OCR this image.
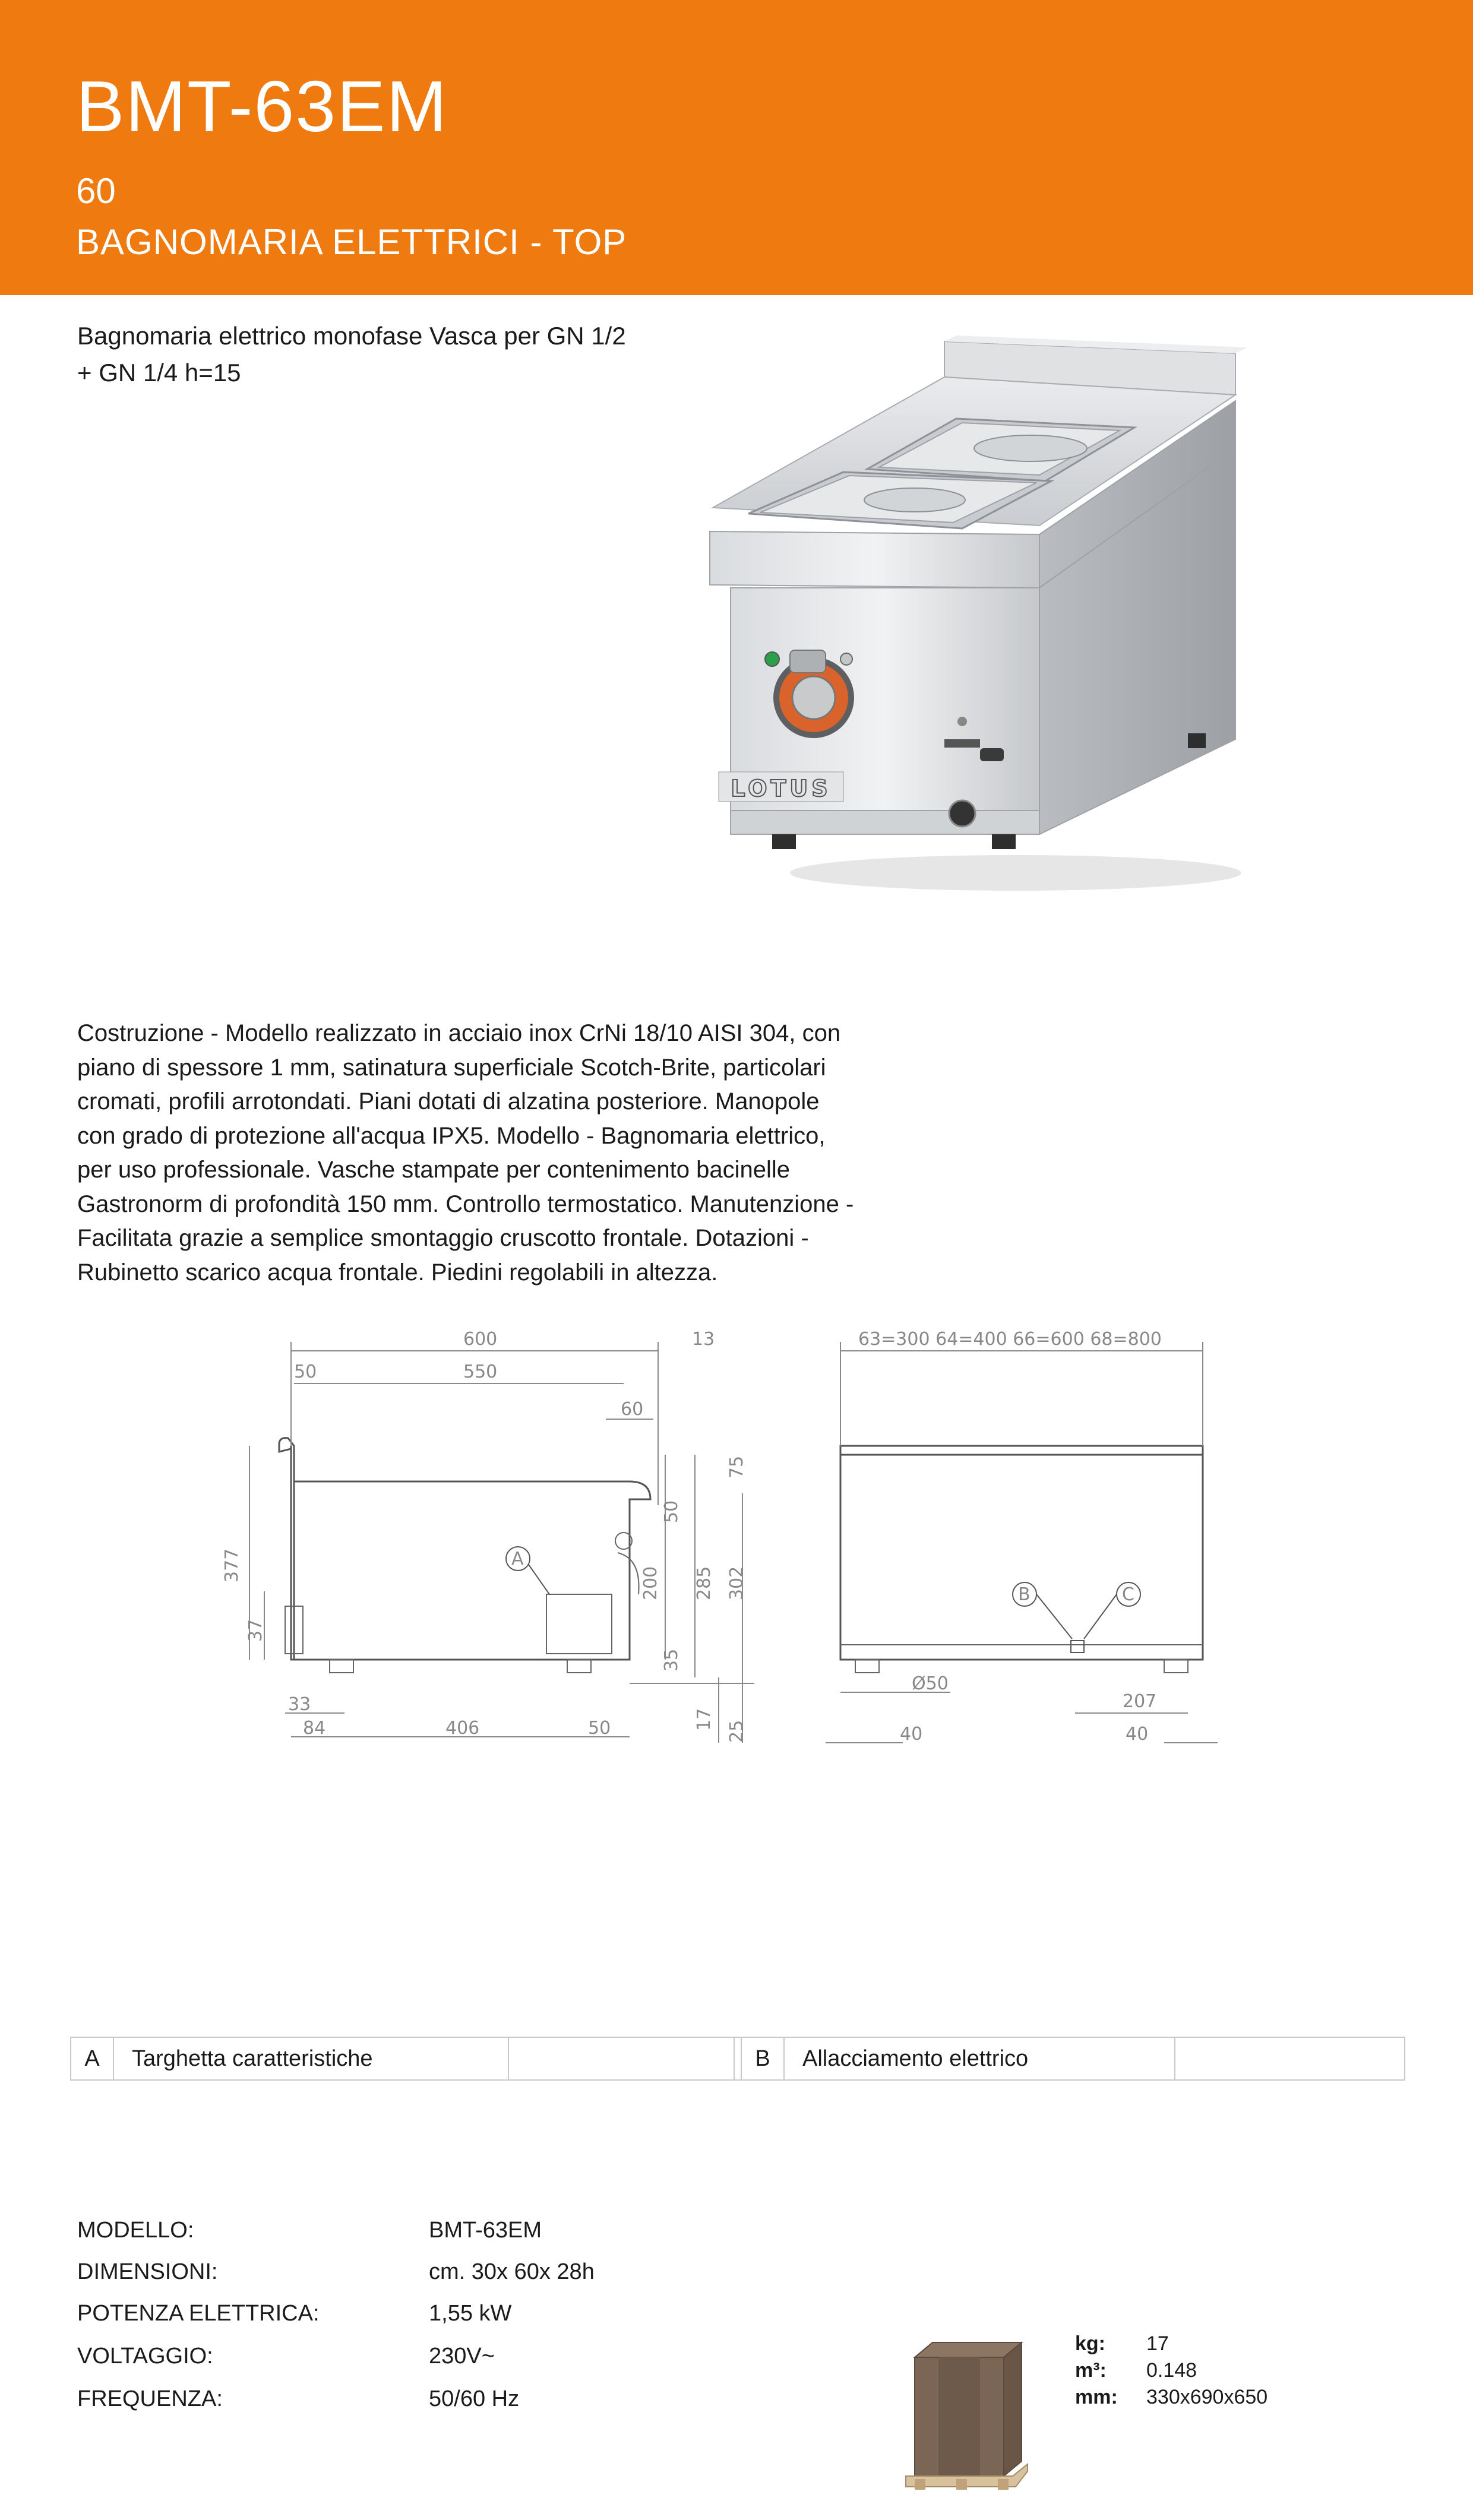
BMT-63EM
60
BAGNOMARIA ELETTRICI - TOP
Bagnomaria elettrico monofase Vasca per GN 1/2 + GN 1/4 h=15
LOTUS
Costruzione - Modello realizzato in acciaio inox CrNi 18/10 AISI 304, con piano di spessore 1 mm, satinatura superficiale Scotch-Brite, particolari cromati, profili arrotondati. Piani dotati di alzatina posteriore. Manopole con grado di protezione all'acqua IPX5. Modello - Bagnomaria elettrico, per uso professionale. Vasche stampate per contenimento bacinelle Gastronorm di profondità 150 mm. Controllo termostatico. Manutenzione - Facilitata grazie a semplice smontaggio cruscotto frontale. Dotazioni - Rubinetto scarico acqua frontale. Piedini regolabili in altezza.
600	13
50	550
60
377
37
75
50
200 285 302
35
17
25
33
84	406	50
A
63=300 64=400 66=600 68=800
B	C
Ø50
207
40	40
A	Targhetta caratteristiche	B	Allacciamento elettrico
MODELLO:	BMT-63EM
DIMENSIONI:	cm. 30x 60x 28h
POTENZA ELETTRICA:	1,55 kW
VOLTAGGIO:	230V~
FREQUENZA:	50/60 Hz
kg: 17
m³: 0.148
mm: 330x690x650
